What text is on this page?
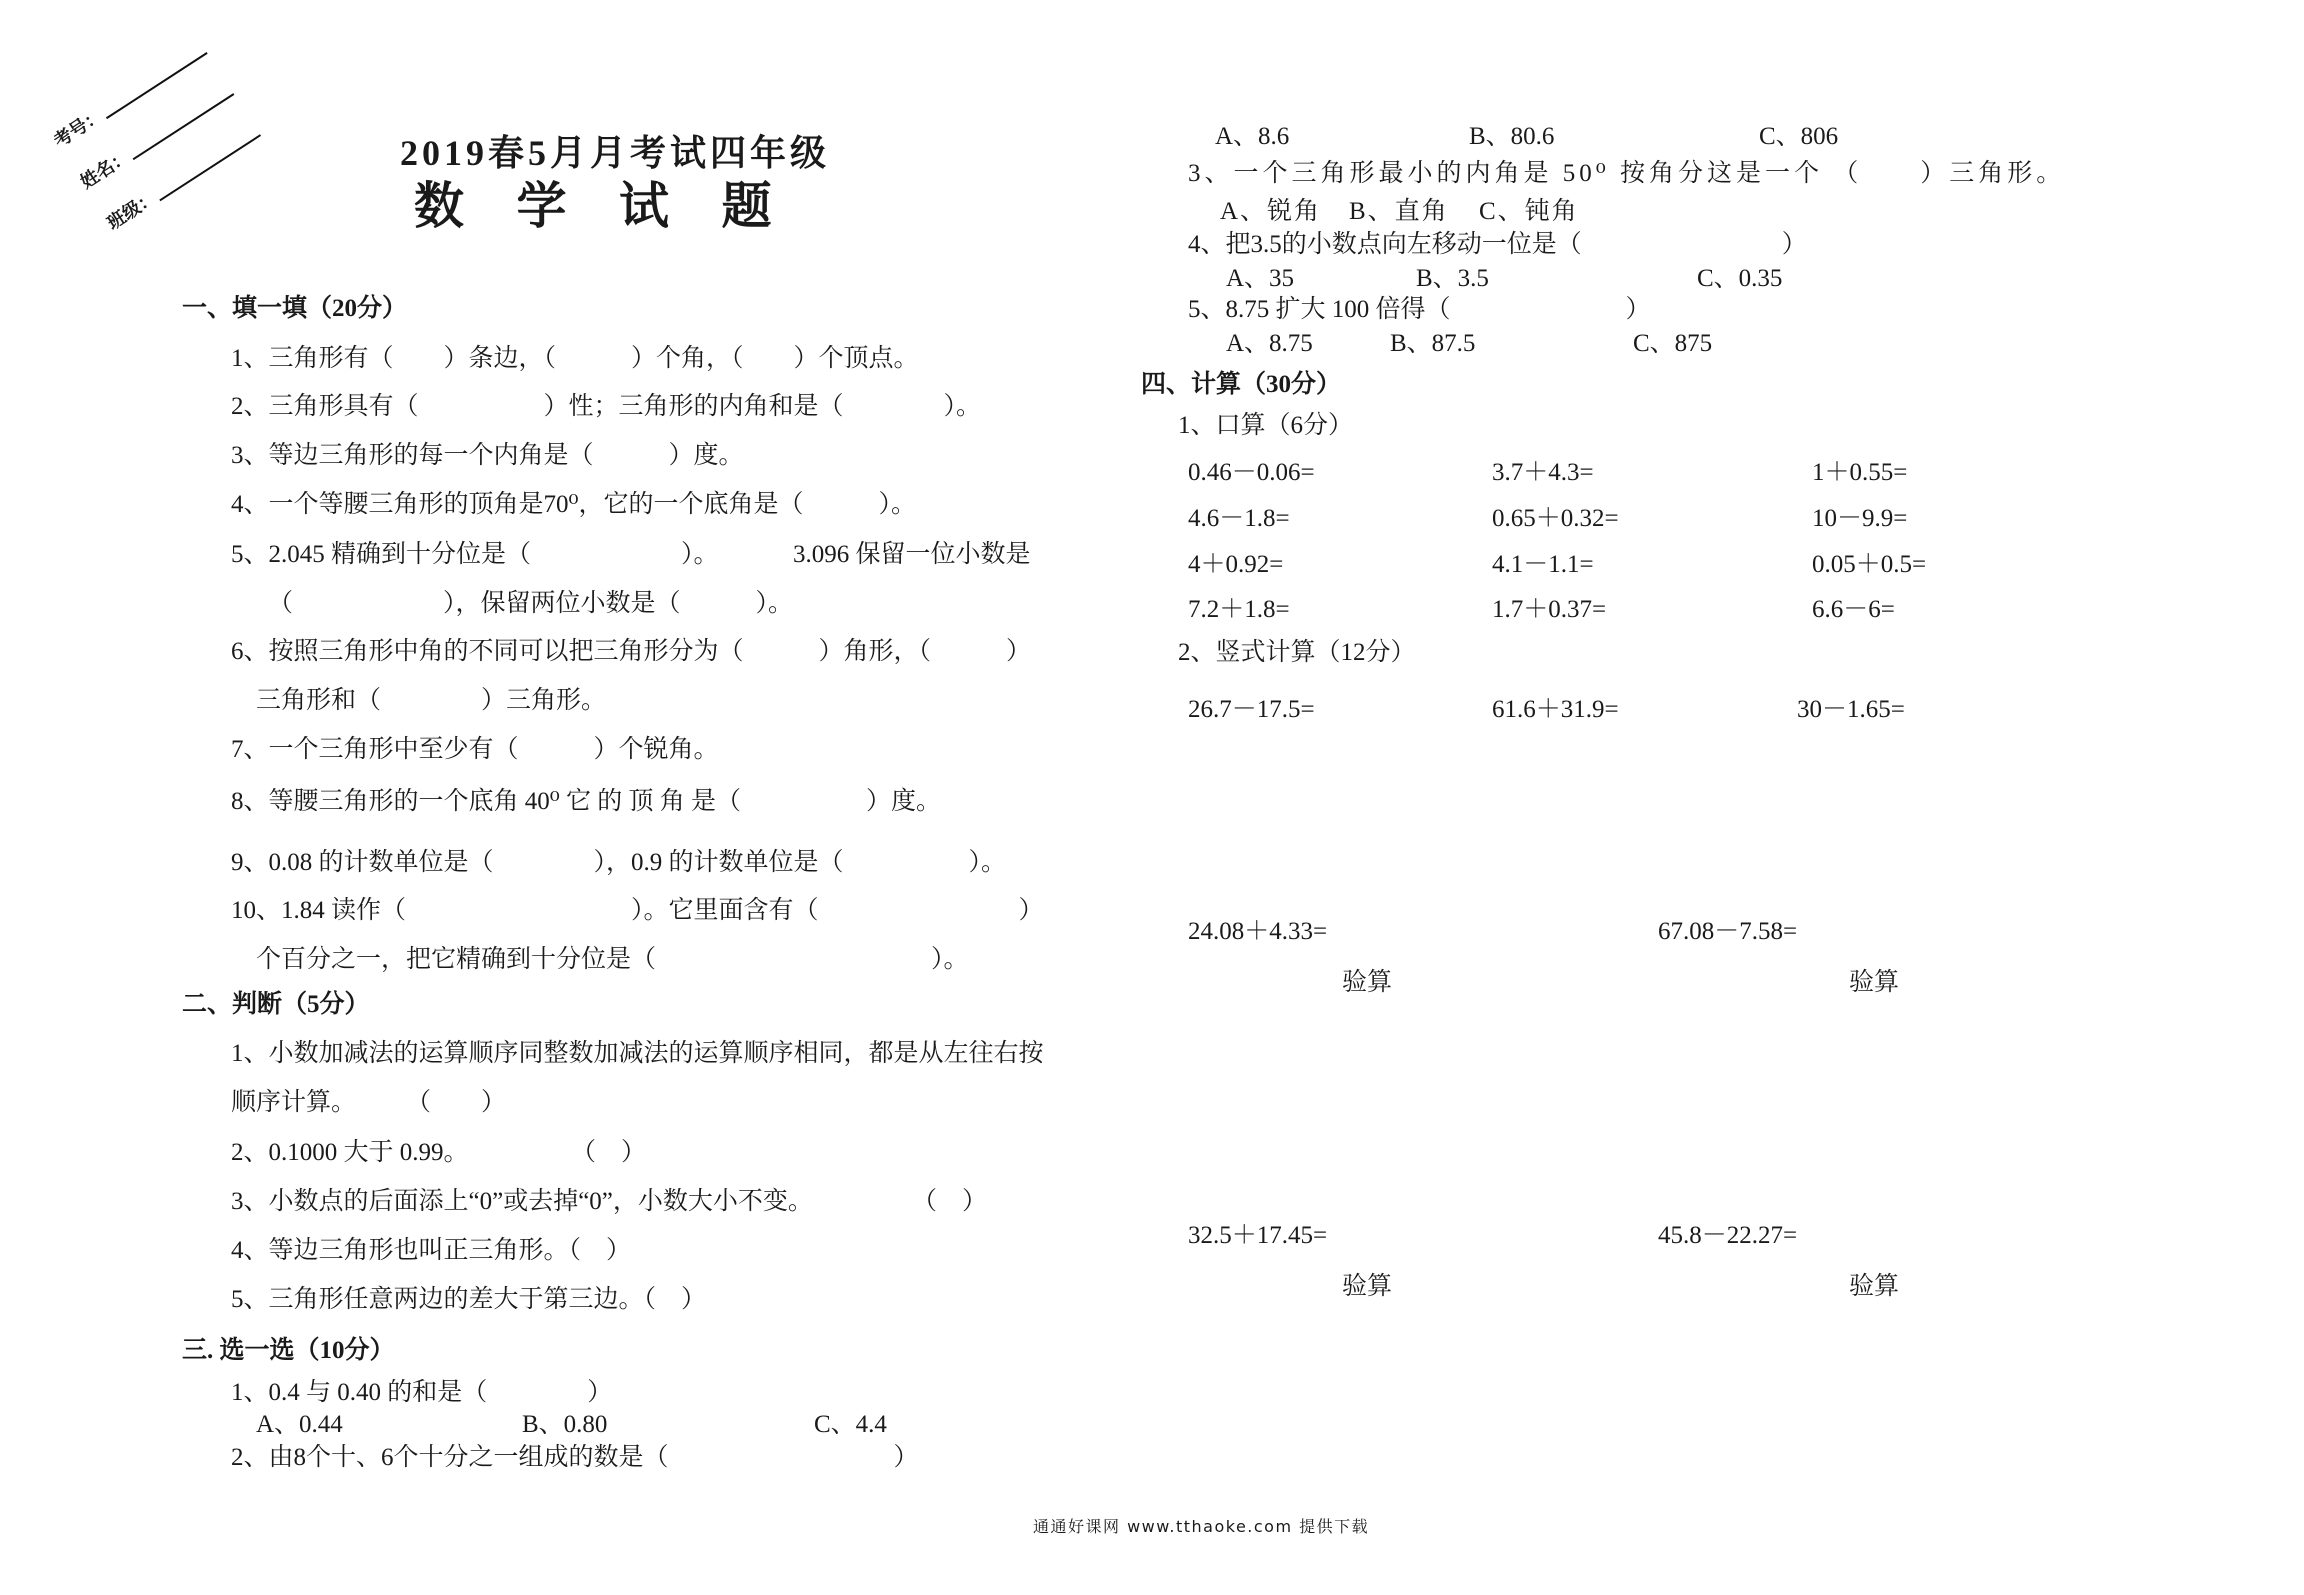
考号：
姓名：
班级：
2019春5月月考试四年级
数 学 试 题
一、填一填（20分）
1、三角形有（　　）条边，（　　　）个角，（　　）个顶点。
2、三角形具有（　　　　　）性；三角形的内角和是（　　　　）。
3、等边三角形的每一个内角是（　　　）度。
4、一个等腰三角形的顶角是70⁰，它的一个底角是（　　　）。
5、2.045 精确到十分位是（　　　　　　）。	3.096 保留一位小数是
（　　　　　　），保留两位小数是（　　　）。
6、按照三角形中角的不同可以把三角形分为（　　　）角形，（　　　）
三角形和（　　　　）三角形。
7、一个三角形中至少有（　　　）个锐角。
8、等腰三角形的一个底角 40⁰ 它 的 顶 角 是（　　　　　）度。
9、0.08 的计数单位是（　　　　），0.9 的计数单位是（　　　　　）。
10、1.84 读作（　　　　　　　　　）。它里面含有（　　　　　　　　）
个百分之一，把它精确到十分位是（　　　　　　　　　　　）。
二、判断（5分）
1、小数加减法的运算顺序同整数加减法的运算顺序相同，都是从左往右按
顺序计算。 （　　）
2、0.1000 大于 0.99。	（　）
3、小数点的后面添上“0”或去掉“0”，小数大小不变。	（　）
4、等边三角形也叫正三角形。（　）
5、三角形任意两边的差大于第三边。（　）
三. 选一选（10分）
1、0.4 与 0.40 的和是（　　　　）
A、0.44	B、0.80	C、4.4
2、由8个十、6个十分之一组成的数是（　　　　　　　　　）
A、8.6	B、80.6	C、806
3、一个三角形最小的内角是 50⁰ 按角分这是一个 （　　）三角形。
A、锐角 B、直角 C、钝角
4、把3.5的小数点向左移动一位是（　　　　　　　　）
A、35	B、3.5	C、0.35
5、8.75 扩大 100 倍得（　　　　　　　）
A、8.75	B、87.5	C、875
四、计算（30分）
1、口算（6分）
0.46－0.06=	3.7＋4.3=	1＋0.55=
4.6－1.8=	0.65＋0.32=	10－9.9=
4＋0.92=	4.1－1.1=	0.05＋0.5=
7.2＋1.8=	1.7＋0.37=	6.6－6=
2、竖式计算（12分）
26.7－17.5=	61.6＋31.9=	30－1.65=
24.08＋4.33=	67.08－7.58=
验算	验算
32.5＋17.45=	45.8－22.27=
验算	验算
通通好课网 www.tthaoke.com 提供下载
